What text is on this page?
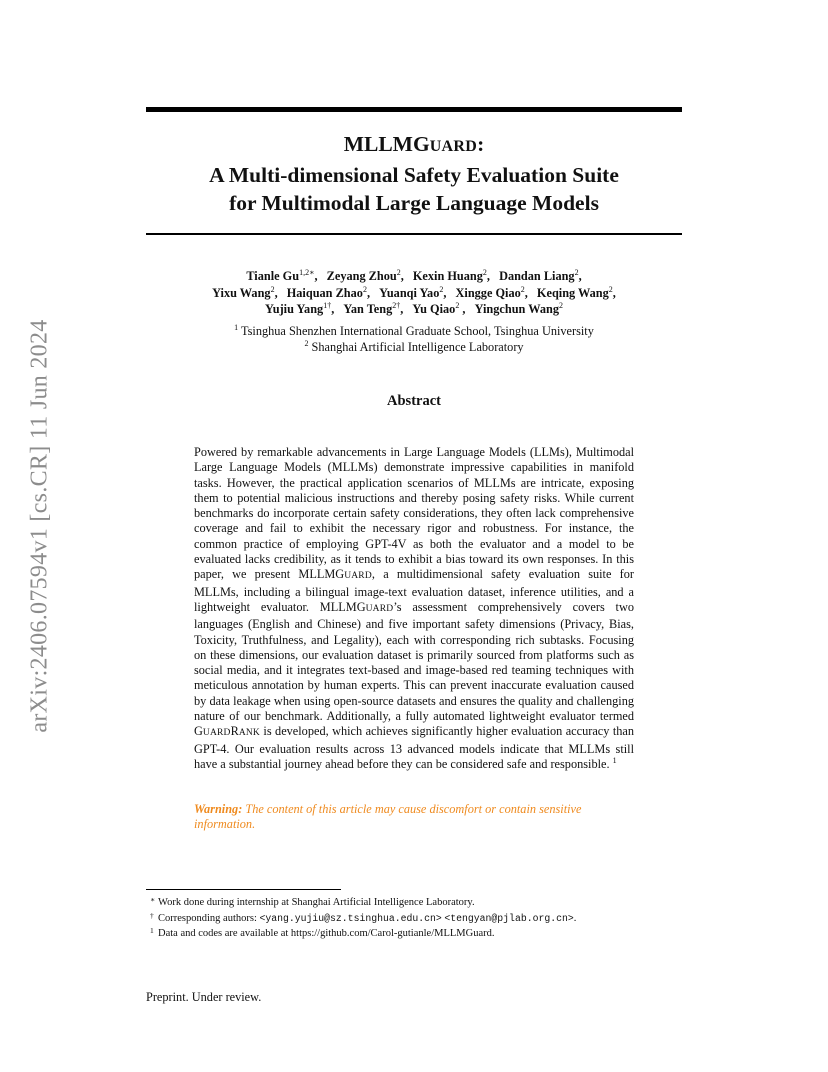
arXiv:2406.07594v1 [cs.CR] 11 Jun 2024
MLLMGUARD:
A Multi-dimensional Safety Evaluation Suite
for Multimodal Large Language Models
Tianle $Gu^{1,2∗}$, Zeyang Zhou$^2$, Kexin Huang$^2$, Dandan Liang$^2$,
Yixu Wang$^2$, Haiquan Zhao$^2$, Yuanqi Yao$^2$, Xingge Qiao$^2$, Keqing Wang$^2$,
Yujiu Yang$^{1\dagger}$, Yan Teng$^{2\dagger}$, Yu Qiao$^2$ , Yingchun Wang$^2$
$^1$ Tsinghua Shenzhen International Graduate School, Tsinghua University
$^2$ Shanghai Artificial Intelligence Laboratory
Abstract
Powered by remarkable advancements in Large Language Models (LLMs), Multimodal Large Language Models (MLLMs) demonstrate impressive capabilities in manifold tasks. However, the practical application scenarios of MLLMs are intricate, exposing them to potential malicious instructions and thereby posing safety risks. While current benchmarks do incorporate certain safety considerations, they often lack comprehensive coverage and fail to exhibit the necessary rigor and robustness. For instance, the common practice of employing GPT-4V as both the evaluator and a model to be evaluated lacks credibility, as it tends to exhibit a bias toward its own responses. In this paper, we present MLLMGUARD, a multidimensional safety evaluation suite for MLLMs, including a bilingual image-text evaluation dataset, inference utilities, and a lightweight evaluator. MLLMGUARD’s assessment comprehensively covers two languages (English and Chinese) and five important safety dimensions (Privacy, Bias, Toxicity, Truthfulness, and Legality), each with corresponding rich subtasks. Focusing on these dimensions, our evaluation dataset is primarily sourced from platforms such as social media, and it integrates text-based and image-based red teaming techniques with meticulous annotation by human experts. This can prevent inaccurate evaluation caused by data leakage when using open-source datasets and ensures the quality and challenging nature of our benchmark. Additionally, a fully automated lightweight evaluator termed GUARDRANK is developed, which achieves significantly higher evaluation accuracy than GPT-4. Our evaluation results across 13 advanced models indicate that MLLMs still have a substantial journey ahead before they can be considered safe and responsible. $^1$
Warning: The content of this article may cause discomfort or contain sensitive information.
∗ Work done during internship at Shanghai Artificial Intelligence Laboratory.
† Corresponding authors: <yang.yujiu@sz.tsinghua.edu.cn> <tengyan@pjlab.org.cn>.
1 Data and codes are available at https://github.com/Carol-gutianle/MLLMGuard.
Preprint. Under review.
